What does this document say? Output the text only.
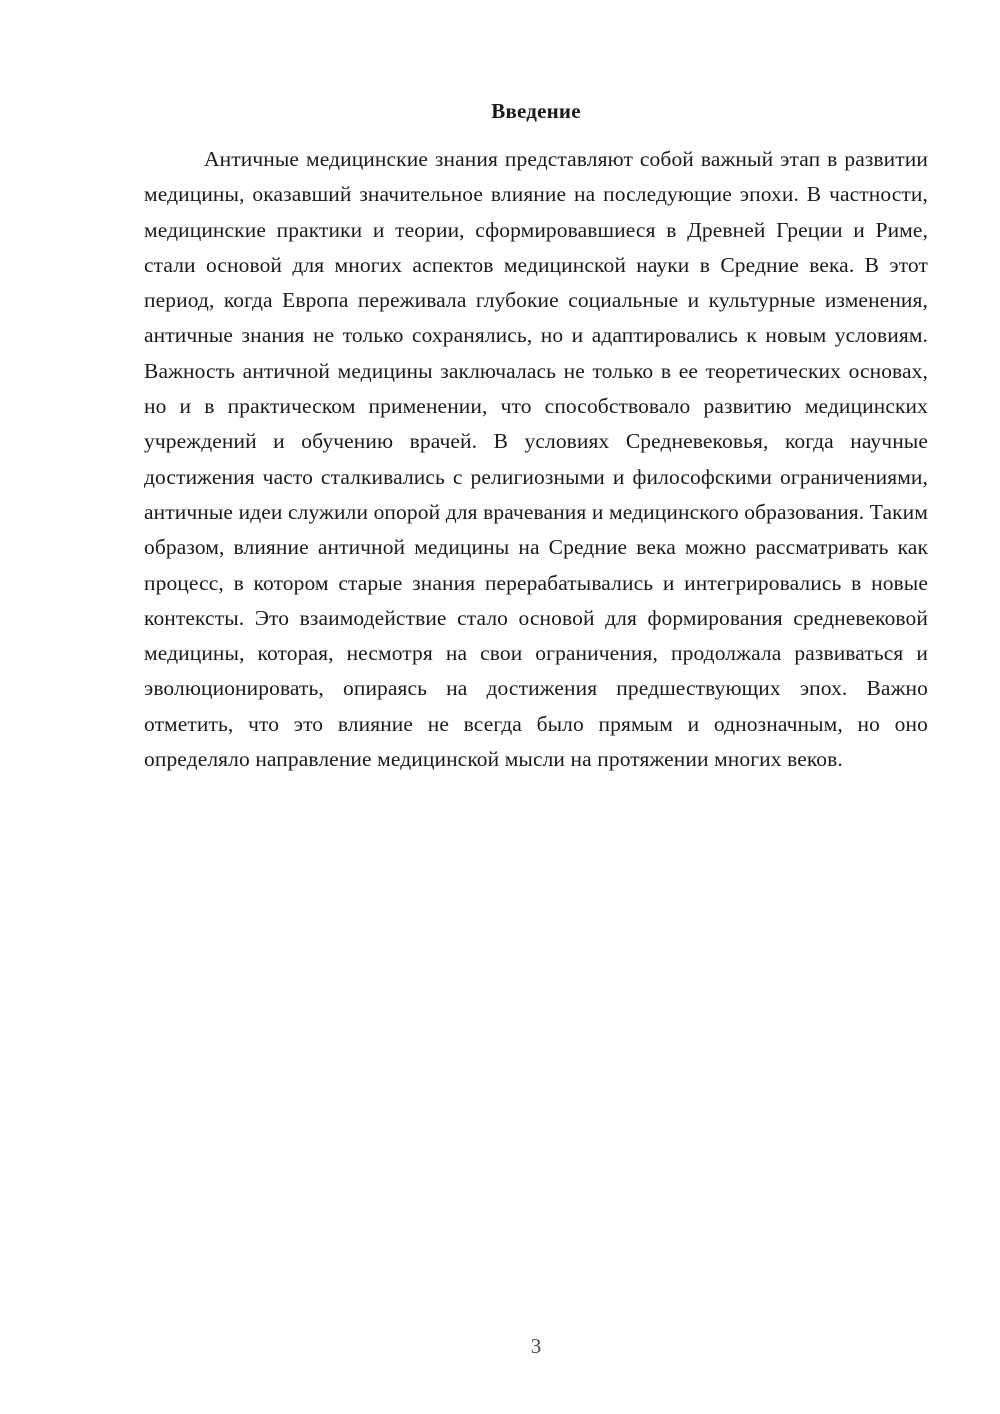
Введение

Античные медицинские знания представляют собой важный этап в развитии медицины, оказавший значительное влияние на последующие эпохи. В частности, медицинские практики и теории, сформировавшиеся в Древней Греции и Риме, стали основой для многих аспектов медицинской науки в Средние века. В этот период, когда Европа переживала глубокие социальные и культурные изменения, античные знания не только сохранялись, но и адаптировались к новым условиям. Важность античной медицины заключалась не только в ее теоретических основах, но и в практическом применении, что способствовало развитию медицинских учреждений и обучению врачей. В условиях Средневековья, когда научные достижения часто сталкивались с религиозными и философскими ограничениями, античные идеи служили опорой для врачевания и медицинского образования. Таким образом, влияние античной медицины на Средние века можно рассматривать как процесс, в котором старые знания перерабатывались и интегрировались в новые контексты. Это взаимодействие стало основой для формирования средневековой медицины, которая, несмотря на свои ограничения, продолжала развиваться и эволюционировать, опираясь на достижения предшествующих эпох. Важно отметить, что это влияние не всегда было прямым и однозначным, но оно определяло направление медицинской мысли на протяжении многих веков.

3
